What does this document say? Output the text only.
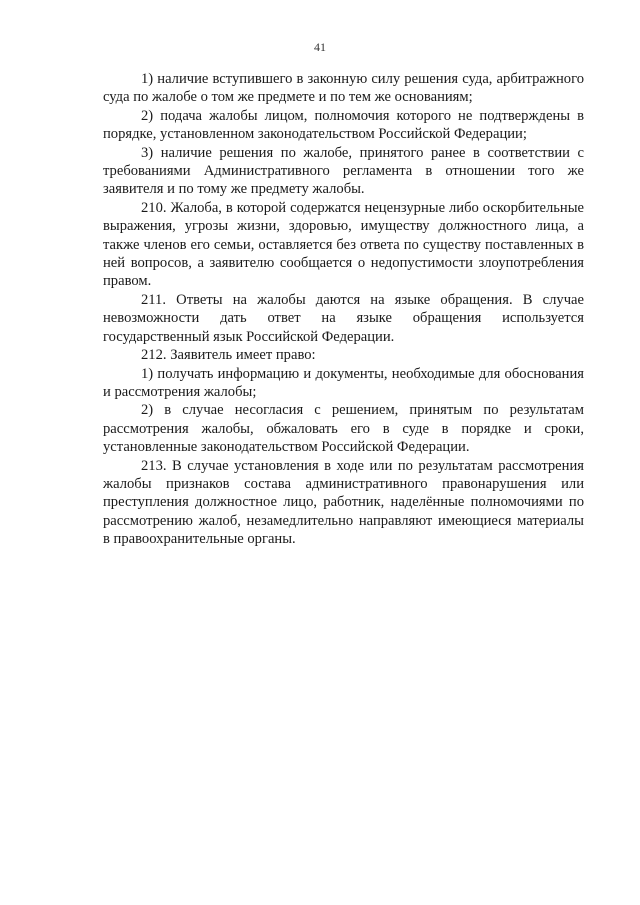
41

1) наличие вступившего в законную силу решения суда, арбитражного суда по жалобе о том же предмете и по тем же основаниям;

2) подача жалобы лицом, полномочия которого не подтверждены в порядке, установленном законодательством Российской Федерации;

3) наличие решения по жалобе, принятого ранее в соответствии с требованиями Административного регламента в отношении того же заявителя и по тому же предмету жалобы.

210. Жалоба, в которой содержатся нецензурные либо оскорбительные выражения, угрозы жизни, здоровью, имуществу должностного лица, а также членов его семьи, оставляется без ответа по существу поставленных в ней вопросов, а заявителю сообщается о недопустимости злоупотребления правом.

211. Ответы на жалобы даются на языке обращения. В случае невозможности дать ответ на языке обращения используется государственный язык Российской Федерации.

212. Заявитель имеет право:

1) получать информацию и документы, необходимые для обоснования и рассмотрения жалобы;

2) в случае несогласия с решением, принятым по результатам рассмотрения жалобы, обжаловать его в суде в порядке и сроки, установленные законодательством Российской Федерации.

213. В случае установления в ходе или по результатам рассмотрения жалобы признаков состава административного правонарушения или преступления должностное лицо, работник, наделённые полномочиями по рассмотрению жалоб, незамедлительно направляют имеющиеся материалы в правоохранительные органы.
